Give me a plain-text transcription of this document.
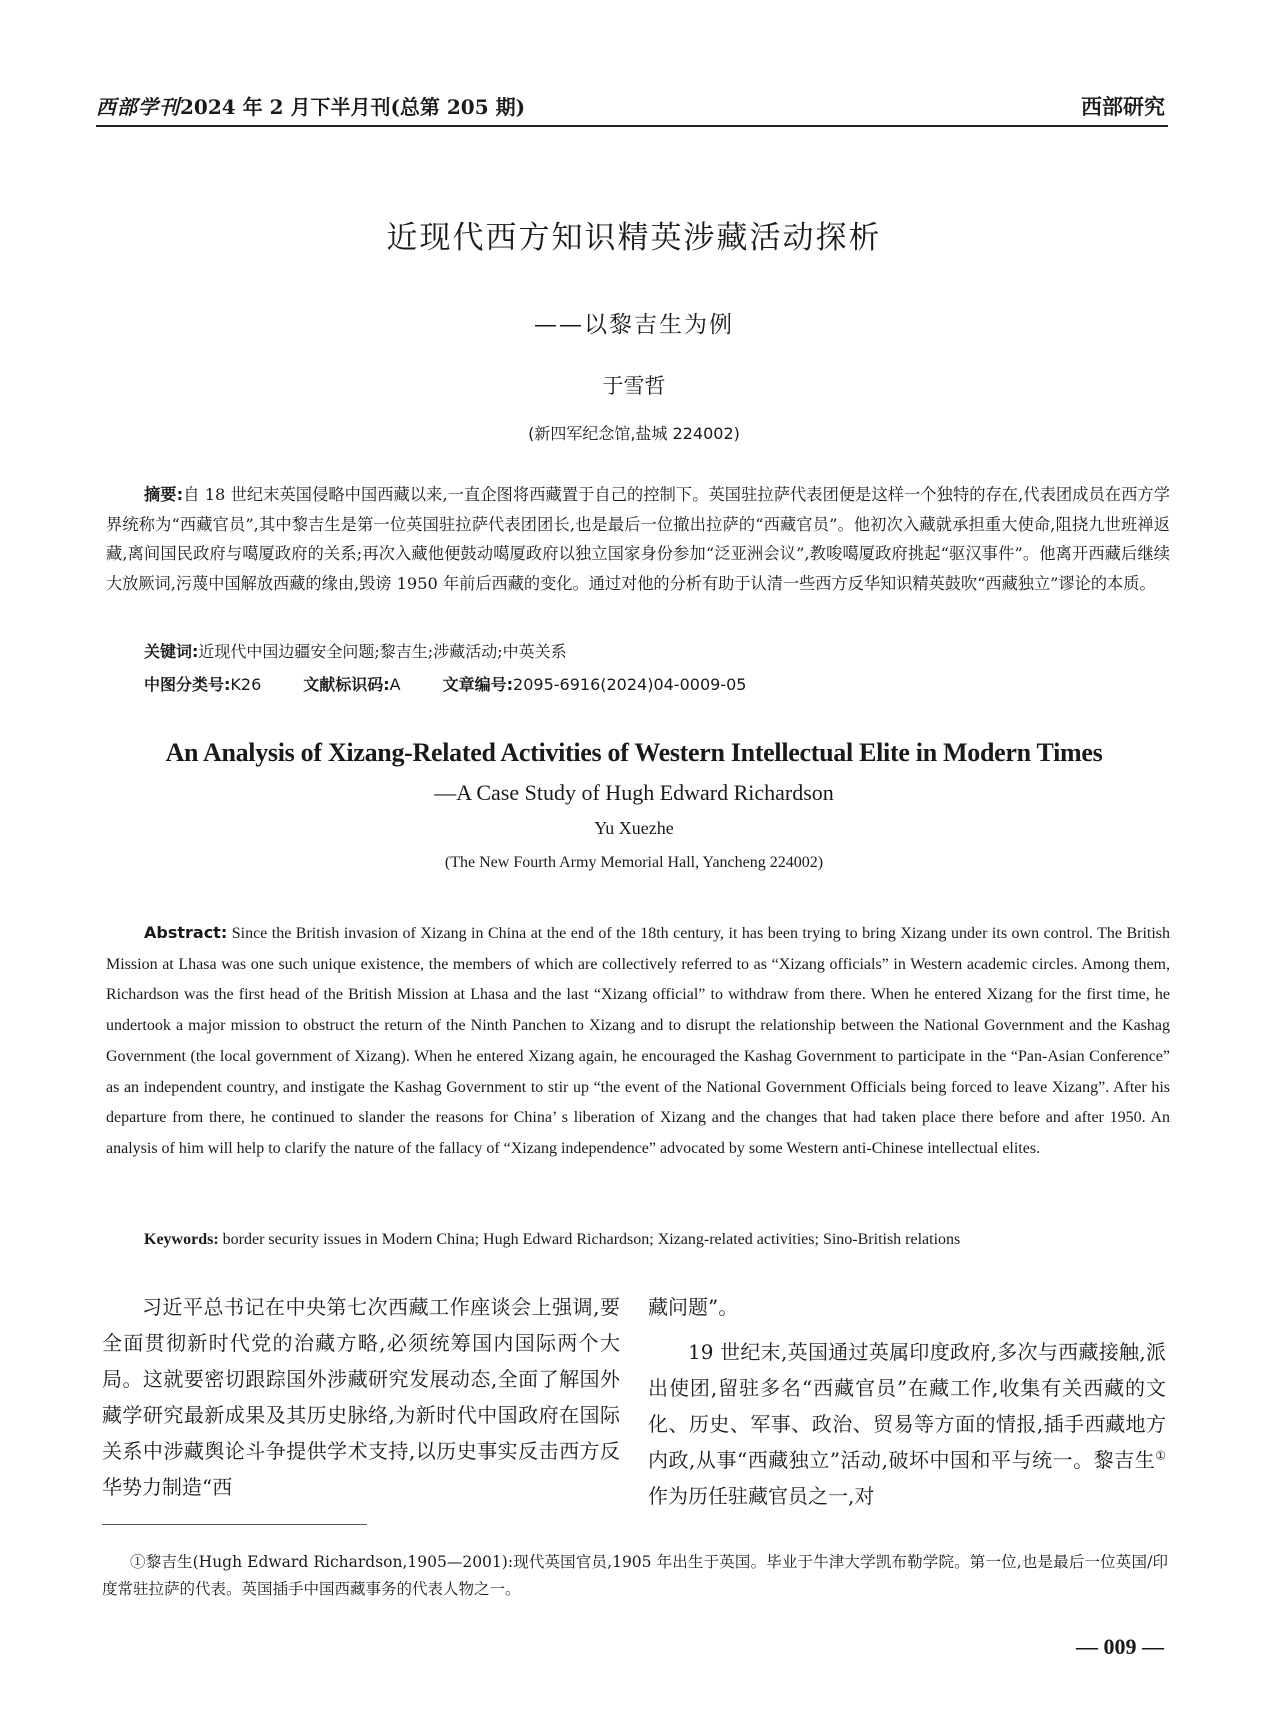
西部学刊2024 年 2 月下半月刊(总第 205 期)	西部研究
近现代西方知识精英涉藏活动探析
——以黎吉生为例
于雪哲
(新四军纪念馆,盐城 224002)
摘要:自 18 世纪末英国侵略中国西藏以来,一直企图将西藏置于自己的控制下。英国驻拉萨代表团便是这样一个独特的存在,代表团成员在西方学界统称为“西藏官员”,其中黎吉生是第一位英国驻拉萨代表团团长,也是最后一位撤出拉萨的“西藏官员”。他初次入藏就承担重大使命,阻挠九世班禅返藏,离间国民政府与噶厦政府的关系;再次入藏他便鼓动噶厦政府以独立国家身份参加“泛亚洲会议”,教唆噶厦政府挑起“驱汉事件”。他离开西藏后继续大放厥词,污蔑中国解放西藏的缘由,毁谤 1950 年前后西藏的变化。通过对他的分析有助于认清一些西方反华知识精英鼓吹“西藏独立”谬论的本质。
关键词:近现代中国边疆安全问题;黎吉生;涉藏活动;中英关系
中图分类号:K26	文献标识码:A	文章编号:2095-6916(2024)04-0009-05
An Analysis of Xizang-Related Activities of Western Intellectual Elite in Modern Times
—A Case Study of Hugh Edward Richardson
Yu Xuezhe
(The New Fourth Army Memorial Hall, Yancheng 224002)
Abstract: Since the British invasion of Xizang in China at the end of the 18th century, it has been trying to bring Xizang under its own control. The British Mission at Lhasa was one such unique existence, the members of which are collectively referred to as “Xizang officials” in Western academic circles. Among them, Richardson was the first head of the British Mission at Lhasa and the last “Xizang official” to withdraw from there. When he entered Xizang for the first time, he undertook a major mission to obstruct the return of the Ninth Panchen to Xizang and to disrupt the relationship between the National Government and the Kashag Government (the local government of Xizang). When he entered Xizang again, he encouraged the Kashag Government to participate in the “Pan-Asian Conference” as an independent country, and instigate the Kashag Government to stir up “the event of the National Government Officials being forced to leave Xizang”. After his departure from there, he continued to slander the reasons for China’ s liberation of Xizang and the changes that had taken place there before and after 1950. An analysis of him will help to clarify the nature of the fallacy of “Xizang independence” advocated by some Western anti-Chinese intellectual elites.
Keywords: border security issues in Modern China; Hugh Edward Richardson; Xizang-related activities; Sino-British relations

习近平总书记在中央第七次西藏工作座谈会上强调,要全面贯彻新时代党的治藏方略,必须统筹国内国际两个大局。这就要密切跟踪国外涉藏研究发展动态,全面了解国外藏学研究最新成果及其历史脉络,为新时代中国政府在国际关系中涉藏舆论斗争提供学术支持,以历史事实反击西方反华势力制造“西

藏问题”。

19 世纪末,英国通过英属印度政府,多次与西藏接触,派出使团,留驻多名“西藏官员”在藏工作,收集有关西藏的文化、历史、军事、政治、贸易等方面的情报,插手西藏地方内政,从事“西藏独立”活动,破坏中国和平与统一。黎吉生①作为历任驻藏官员之一,对

①黎吉生(Hugh Edward Richardson,1905—2001):现代英国官员,1905 年出生于英国。毕业于牛津大学凯布勒学院。第一位,也是最后一位英国/印度常驻拉萨的代表。英国插手中国西藏事务的代表人物之一。
— 009 —
